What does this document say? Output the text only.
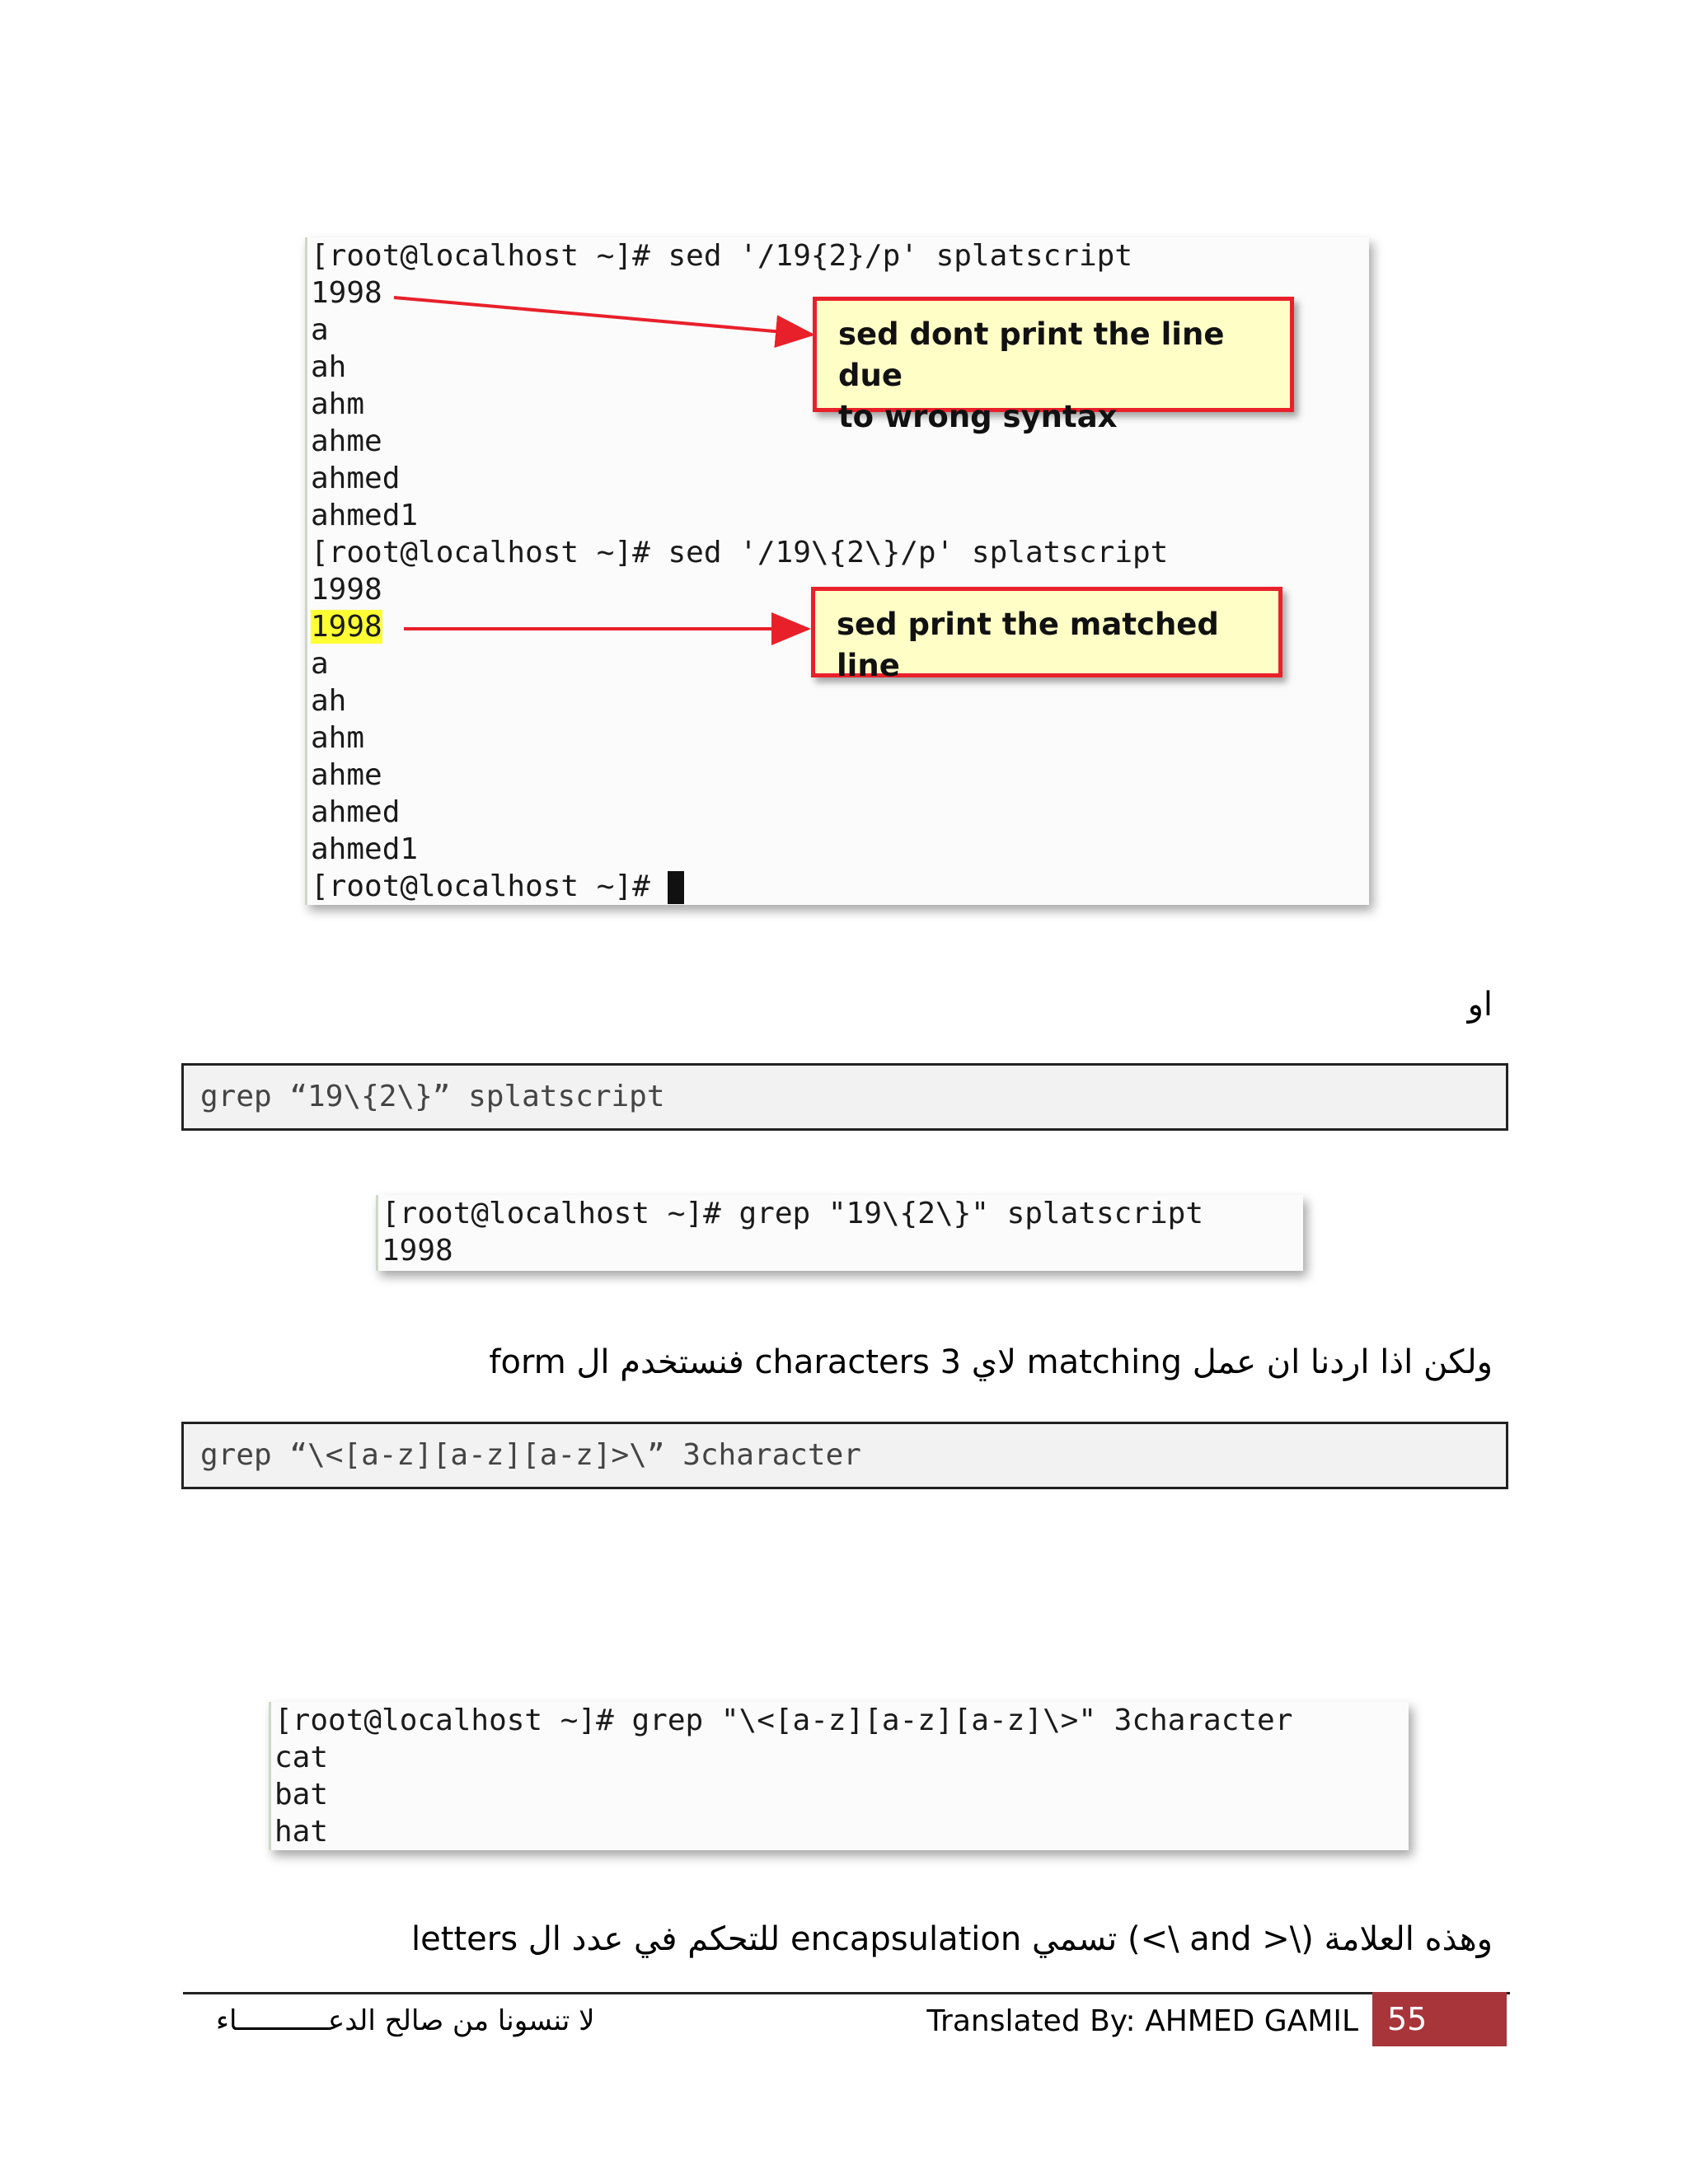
[root@localhost ~]# sed '/19{2}/p' splatscript
1998
a
ah
ahm
ahme
ahmed
ahmed1
[root@localhost ~]# sed '/19\{2\}/p' splatscript
1998
1998
a
ah
ahm
ahme
ahmed
ahmed1
[root@localhost ~]#
sed dont print the line due
to wrong syntax
sed print the matched line
او
grep “19\{2\}” splatscript
[root@localhost ~]# grep "19\{2\}" splatscript
1998
ولكن اذا اردنا ان عمل matching لاي 3 characters فنستخدم ال form
grep “\<[a-z][a-z][a-z]>\” 3character
[root@localhost ~]# grep "\<[a-z][a-z][a-z]\>" 3character
cat
bat
hat
وهذه العلامة (\< and \>) تسمي encapsulation للتحكم في عدد ال letters
لا تنسونا من صالح الدعـــــــــــاء	Translated By: AHMED GAMIL 55
